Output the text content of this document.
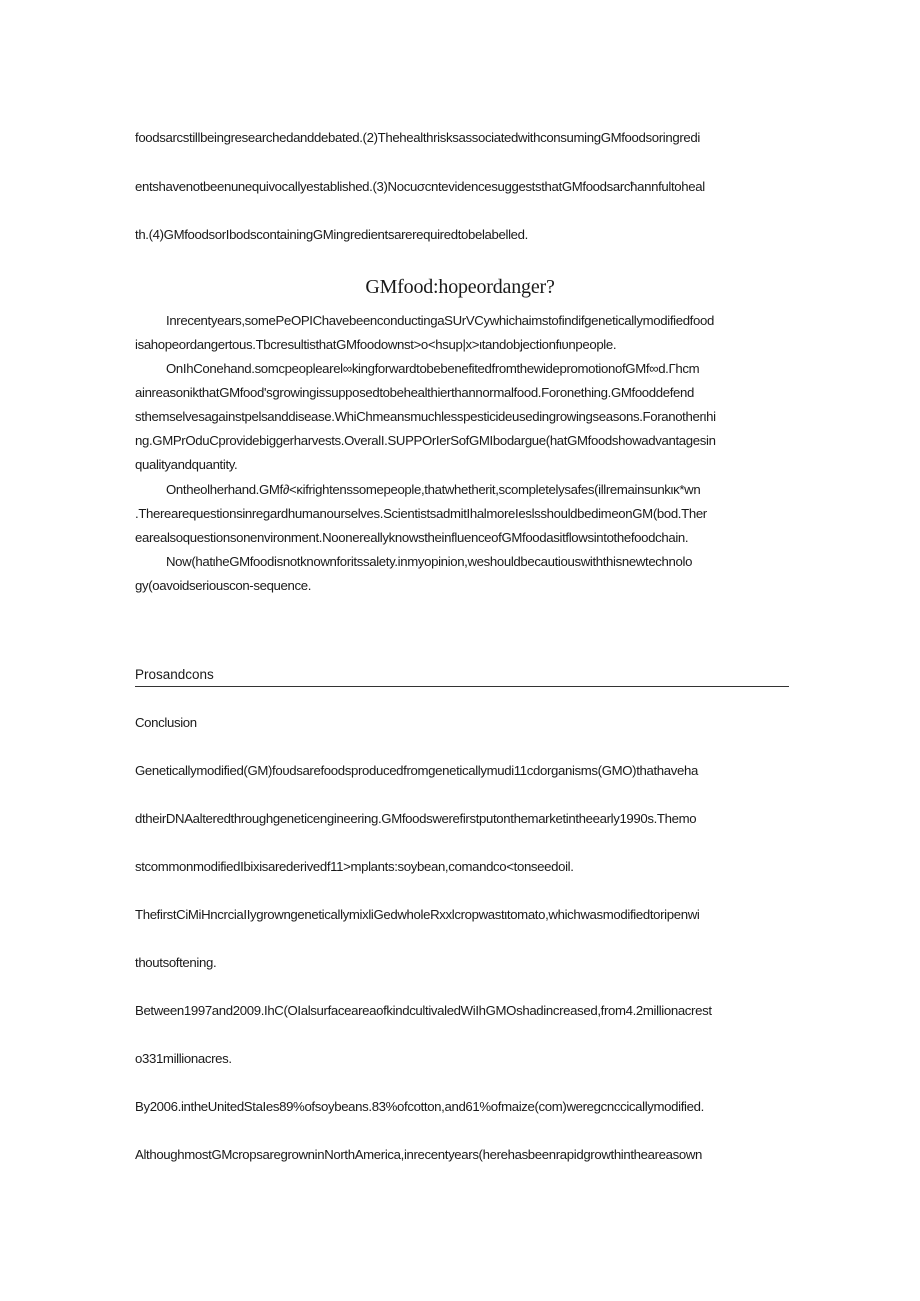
foodsarcstillbeingresearchedanddebated.(2)ThehealthrisksassociatedwithconsumingGMfoodsoringredi
entshavenotbeenunequivocallyestablished.(3)NocuσcntevidencesuggeststhatGMfoodsarcħannfultoheal
th.(4)GMfoodsorIbodscontainingGMingredientsarerequiredtobelabelled.
GMfood:hopeordanger?
Inrecentyears,somePeOPIChavebeenconductingaSUrVCywhichaimstofindifgeneticallymodifiedfood
isahopeordangertous.TbcresultisthatGMfoodownst>o<hsup|x>ιtandobjectionfιυnpeople.
OnIhConehand.somcpeoplearel∞kingforwardtobebenefitedfromthewidepromotionofGMf∞d.Γhcm
ainreasonikthatGMfood'sgrowingissupposedtobehealthierthannormalfood.Foronething.GMfooddefend
sthemselvesagainstpelsanddisease.WhiChmeansmuchlesspesticideusedingrowingseasons.Foranotherιhi
ng.GMPrOduCprovidebiggerharvests.OveralI.SUPPOrIerSofGMIbodargue(hatGMfoodshowadvantagesin
qualityandquantity.
Ontheolherhand.GMf∂<κifrightenssomepeople,thatwhetherit,scompletelysafes(illremainsunkικ*wn
.Therearequestionsinregardhumanourselves.ScientistsadmitIhalmoreIeslsshouldbedimeonGM(bod.Ther
earealsoquestionsonenvironment.NoonereallyknowstheinfluenceofGMfoodasitflowsintothefoodchain.
Now(hatιheGMfoodisnotknownforitssalety.inmyopinion,weshouldbecautiouswiththisnewtechnolo
gy(oavoidseriouscon-sequence.
Prosandcons
Conclusion
Geneticallymodified(GM)foυdsarefoodsproducedfromgeneticallymudi11cdorganisms(GMO)thathaveha
dtheirDNAalteredthroughgeneticengineering.GMfoodswerefirstputonthemarketintheearly1990s.Themo
stcommonmodifiedIbixisarederivedf11>mplants:soybean,comandco<tonseedoil.
ThefirstCiMiHncrciaIIygrowngeneticallymixliGedwholeRxxlcropwastιtomato,whichwasmodifiedtoripenwi
thoutsoftening.
Between1997and2009.IhC(OIalsurfaceareaofkindcultivaledWiIhGMOshadincreased,from4.2millionacrest
o331millionacres.
By2006.intheUnitedStaIes89%ofsoybeans.83%ofcotton,and61%ofmaize(com)weregcnccicallymodified.
AlthoughmostGMcropsaregrowninNorthAmerica,inrecentyears(herehasbeenrapidgrowthintheareasown
